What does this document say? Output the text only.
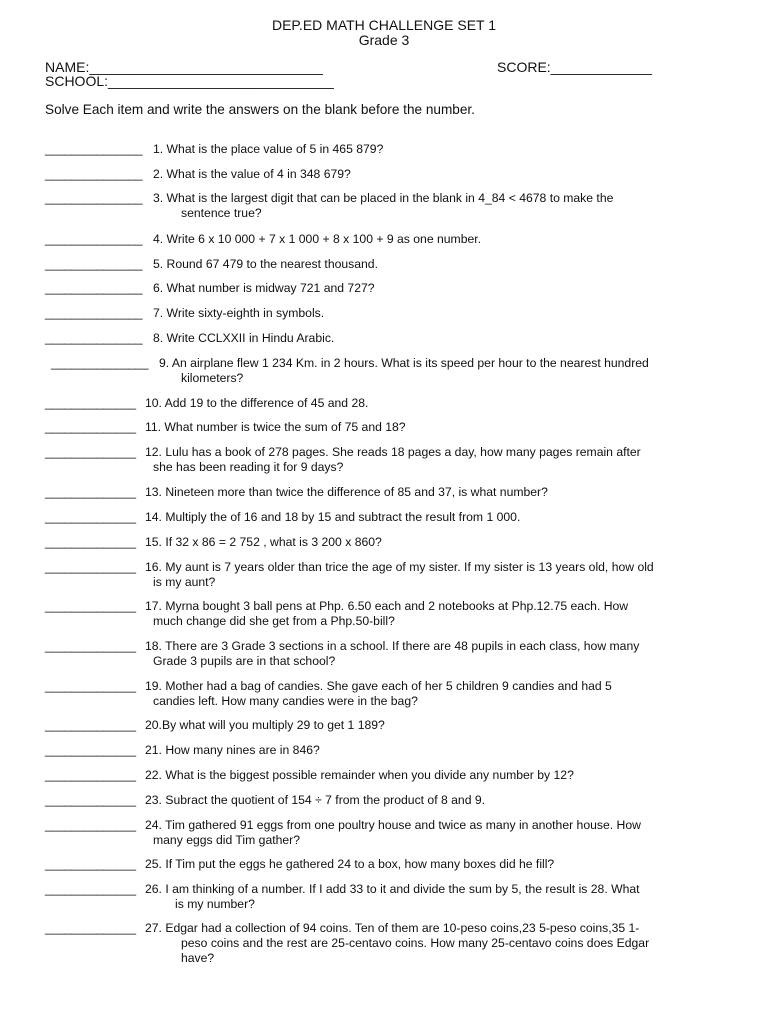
DEP.ED MATH CHALLENGE SET 1
Grade 3
NAME:______________________________
SCHOOL:_____________________________
SCORE:_____________
Solve Each item and write the answers on the blank before the number.
_______________ 1. What is the place value of 5 in 465 879?
_______________ 2. What is the value of 4 in 348 679?
_______________ 3. What is the largest digit that can be placed in the blank in 4_84 < 4678 to make the
sentence true?
_______________ 4. Write 6 x 10 000 + 7 x 1 000 + 8 x 100 + 9 as one number.
_______________ 5. Round 67 479 to the nearest thousand.
_______________ 6. What number is midway 721 and 727?
_______________ 7. Write sixty-eighth in symbols.
_______________ 8. Write CCLXXII in Hindu Arabic.
_______________ 9. An airplane flew 1 234 Km. in 2 hours. What is its speed per hour to the nearest hundred
kilometers?
______________ 10. Add 19 to the difference of 45 and 28.
______________ 11. What number is twice the sum of 75 and 18?
______________ 12. Lulu has a book of 278 pages. She reads 18 pages a day, how many pages remain after
she has been reading it for 9 days?
______________ 13. Nineteen more than twice the difference of 85 and 37, is what number?
______________ 14. Multiply the of 16 and 18 by 15 and subtract the result from 1 000.
______________ 15. If 32 x 86 = 2 752 , what is 3 200 x 860?
______________ 16. My aunt is 7 years older than trice the age of my sister. If my sister is 13 years old, how old
is my aunt?
______________ 17. Myrna bought 3 ball pens at Php. 6.50 each and 2 notebooks at Php.12.75 each. How
much change did she get from a Php.50-bill?
______________ 18. There are 3 Grade 3 sections in a school. If there are 48 pupils in each class, how many
Grade 3 pupils are in that school?
______________ 19. Mother had a bag of candies. She gave each of her 5 children 9 candies and had 5
candies left. How many candies were in the bag?
______________ 20.By what will you multiply 29 to get 1 189?
______________ 21. How many nines are in 846?
______________ 22. What is the biggest possible remainder when you divide any number by 12?
______________ 23. Subract the quotient of 154 ÷ 7 from the product of 8 and 9.
______________ 24. Tim gathered 91 eggs from one poultry house and twice as many in another house. How
many eggs did Tim gather?
______________ 25. If Tim put the eggs he gathered 24 to a box, how many boxes did he fill?
______________ 26. I am thinking of a number. If I add 33 to it and divide the sum by 5, the result is 28. What
is my number?
______________ 27. Edgar had a collection of 94 coins. Ten of them are 10-peso coins,23 5-peso coins,35 1-
peso coins and the rest are 25-centavo coins. How many 25-centavo coins does Edgar
have?
